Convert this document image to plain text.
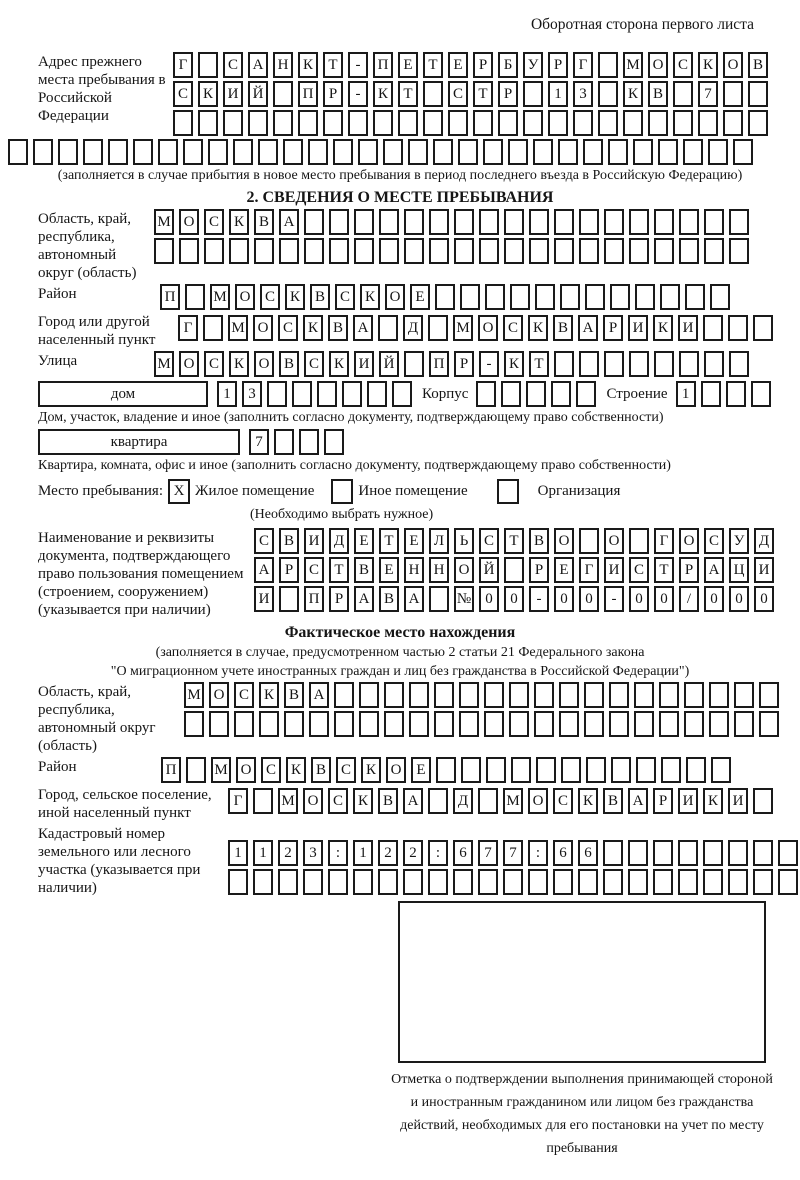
Оборотная сторона первого листа
Адрес прежнего места пребывания в Российской Федерации
Г	С А Н К	Т	-	П Е	Т	Е	Р	Б	У	Р	Г	М О С К О В
С К И Й	П	Р	-	К	Т	С	Т	Р	1	3	К В	7
(заполняется в случае прибытия в новое место пребывания в период последнего въезда в Российскую Федерацию)
2. СВЕДЕНИЯ О МЕСТЕ ПРЕБЫВАНИЯ
Область, край, республика, автономный округ (область)
М О С К В А
Район	П	М О С К В С К О Е
Город или другой населенный пункт
Г	М О С К В А	Д	М О С К В А	Р	И К И
Улица	М О С К О В С К И Й	П	Р	-	К	Т
дом	1	3	Корпус	Строение 1
Дом, участок, владение и иное (заполнить согласно документу, подтверждающему право собственности)
квартира	7
Квартира, комната, офис и иное (заполнить согласно документу, подтверждающему право собственности)
Место пребывания: X Жилое помещение	Иное помещение	Организация
(Необходимо выбрать нужное)
Наименование и реквизиты документа, подтверждающего право пользования помещением (строением, сооружением) (указывается при наличии)
С В И Д	Е	Т	Е	Л	Ь	С	Т	В О	О	Г	О С У Д
А	Р	С	Т	В	Е	Н Н О Й	Р	Е	Г	И С	Т	Р	А Ц И
И	П	Р	А В А	№ 0	0	-	0	0	-	0	0	/	0	0	0
Фактическое место нахождения
(заполняется в случае, предусмотренном частью 2 статьи 21 Федерального закона
"О миграционном учете иностранных граждан и лиц без гражданства в Российской Федерации")
Область, край, республика, автономный округ (область)
М О С К В А
Район	П	М О С К В С К О Е
Город, сельское поселение, иной населенный пункт
Г	М О С К В А	Д	М О С К В А	Р	И К И
Кадастровый номер земельного или лесного участка (указывается при наличии)
1	1	2	3	:	1	2	2	:	6	7	7	:	6	6
Отметка о подтверждении выполнения принимающей стороной и иностранным гражданином или лицом без гражданства действий, необходимых для его постановки на учет по месту пребывания
